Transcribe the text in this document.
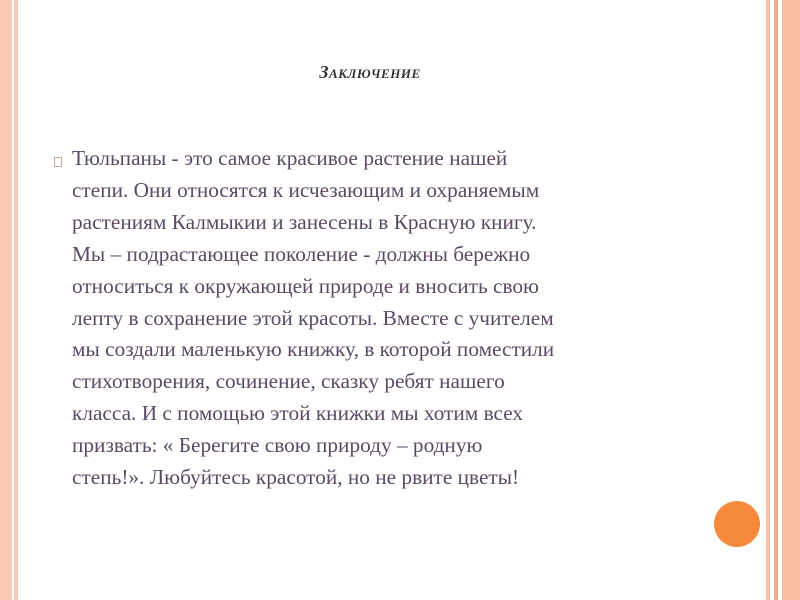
Заключение
Тюльпаны - это самое красивое растение нашей
степи. Они относятся к исчезающим и охраняемым
растениям Калмыкии и занесены в Красную книгу.
Мы – подрастающее поколение - должны бережно
относиться к окружающей природе и вносить свою
лепту в сохранение этой красоты. Вместе с учителем
мы создали маленькую книжку, в которой поместили
стихотворения, сочинение, сказку ребят нашего
класса. И с помощью этой книжки мы хотим всех
призвать: « Берегите свою природу – родную
степь!». Любуйтесь красотой, но не рвите цветы!
